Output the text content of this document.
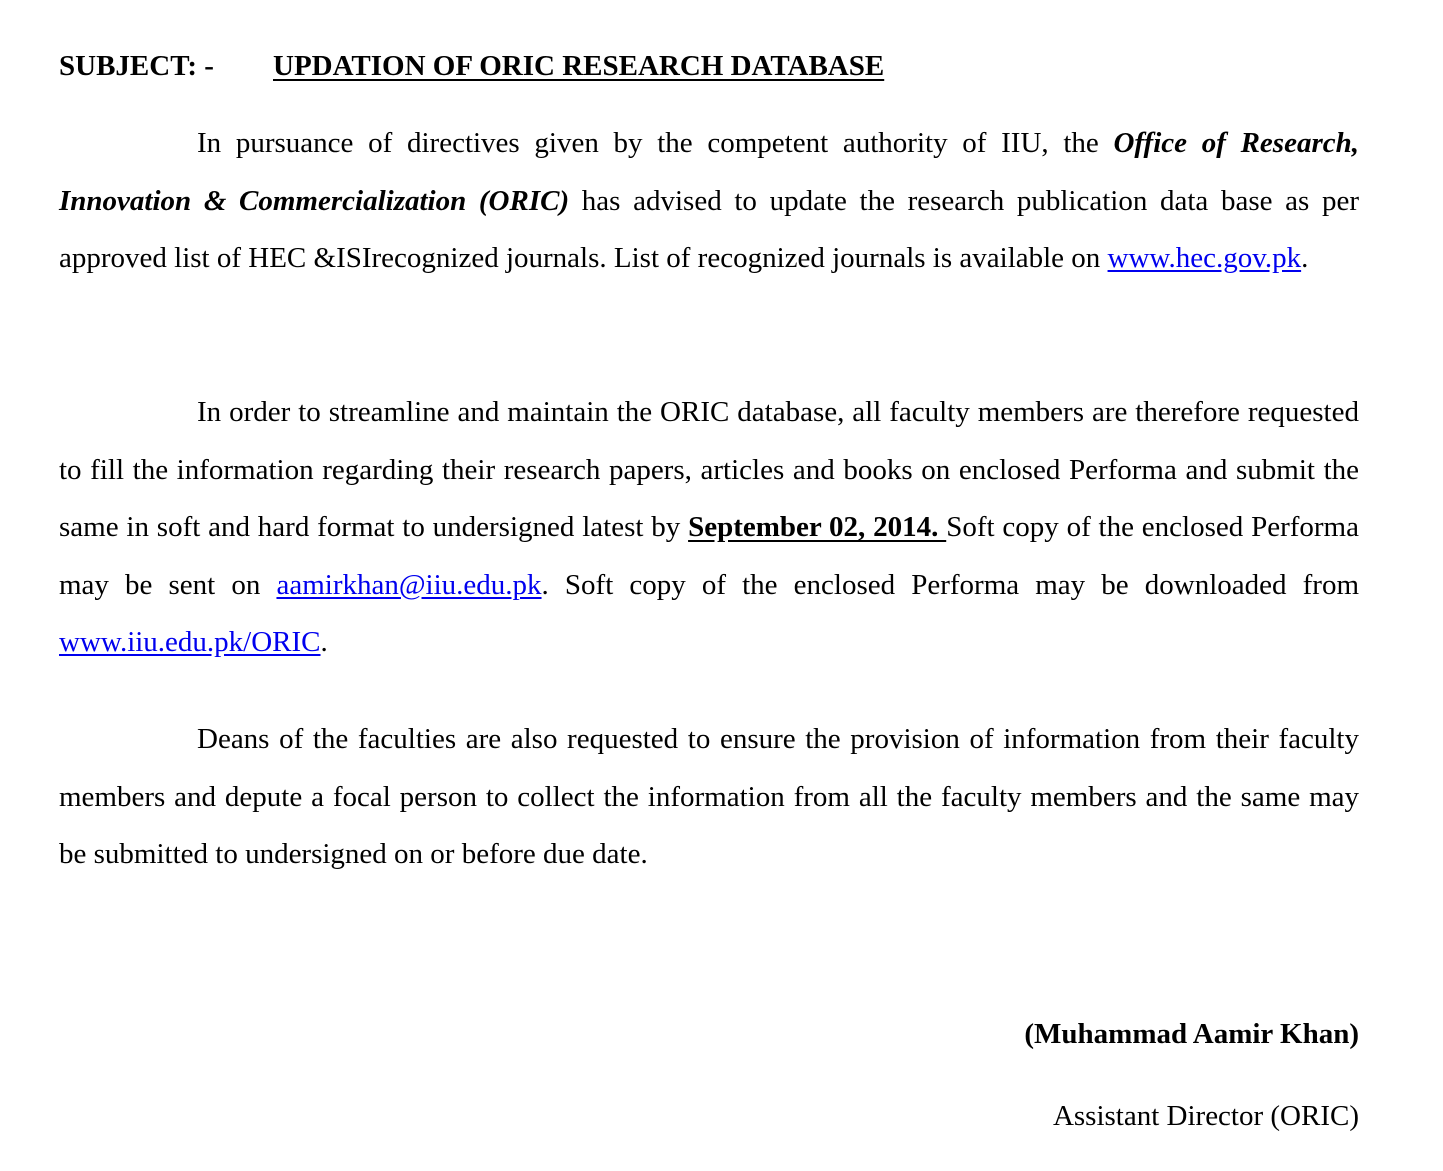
SUBJECT: - UPDATION OF ORIC RESEARCH DATABASE

In pursuance of directives given by the competent authority of IIU, the Office of Research, Innovation & Commercialization (ORIC) has advised to update the research publication data base as per approved list of HEC &ISIrecognized journals. List of recognized journals is available on www.hec.gov.pk.

In order to streamline and maintain the ORIC database, all faculty members are therefore requested to fill the information regarding their research papers, articles and books on enclosed Performa and submit the same in soft and hard format to undersigned latest by September 02, 2014. Soft copy of the enclosed Performa may be sent on aamirkhan@iiu.edu.pk. Soft copy of the enclosed Performa may be downloaded from www.iiu.edu.pk/ORIC.

Deans of the faculties are also requested to ensure the provision of information from their faculty members and depute a focal person to collect the information from all the faculty members and the same may be submitted to undersigned on or before due date.

(Muhammad Aamir Khan)
Assistant Director (ORIC)
